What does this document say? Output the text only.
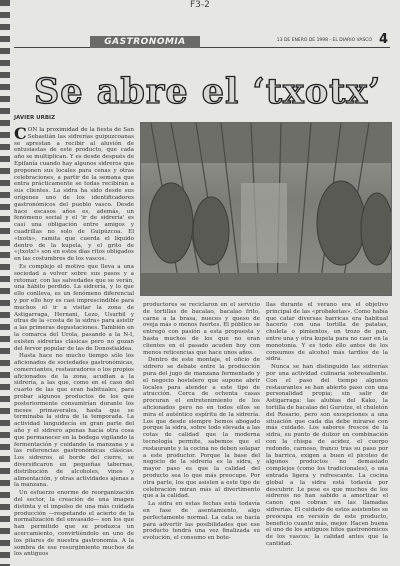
F3-2
GASTRONOMIA	13 DE ENERO DE 1998 - EL DIARIO VASCO 4
Se abre el ‘txotx’
JAVIER URBIZ

CON la proximidad de la fiesta de San Sebastián las sidrerías guipuzcoanas se aprestan a recibir al aluvión de entusiastas de este producto, que cada año se multiplican. Y es desde después de Epifanía cuando hay algunos sidreros que proponen sus locales para cenas y otras celebraciones, a partir de la semana que entra prácticamente se todas recibirán a sus clientes. La sidra ha sido desde sus orígenes uno de los identificadores gastronómicos del pueblo vasco. Desde hace escasos años es, además, un fenómeno social y el 'ir de sidrería' es casi una obligación entre amigos y cuadrillas no solo de Guipúzcoa. El «txotx», ramita que cuerda el líquido dentro de la kupela, y el grito de «¡txotx!» son en estos días ritos obligados en las costumbres de los vascos.

Es complejo el motivo que lleva a una sociedad a volver sobre sus pasos y a retomar, con las salvedades que se verán, una hábito perdido. La sidrería, y lo que ello conlleva, es un fenómeno diferencial y por ello hoy es casi imprescindible para muchos el ir a visitar la zona de Astigarraga, Hernani, Lezo, Usurbil y otras de la «costa de la sidra» para asistir a las primeras degustaciones. También en la comarca del Urola, pasando a la N-I, existen sidrerías clásicas pero no gozan del fervor popular de las de Donostialdea.

Hasta hace no mucho tiempo sólo los aficionados de sociedades gastronómicas, comerciantes, restauradores o los propios aficionados de la zona, acudían a la sidrería, a las que, como en el caso del cuarto de las que eran habituales, para probar algunos productos de los que posteriormente consumirían durante los meses primaverales, hasta que se terminaba la sidra de la temporada. La actividad languidecía en gran parte del año y el sidrero apenas hacía otra cosa que permanecer en la bodega vigilando la fermentación y cuidando la manzana y a las referencias gastronómicas clásicas. Los sidreros, al borde del cierre, se diversificaron en pequeñas tabernas, distribución de alcoholes, vinos y alimentación, y otras actividades ajenas a la manzana.

Un esfuerzo enorme de reorganización del sector, la creación de una imagen distinta y el impulso de una más cuidada producción —respetando el acierto de la normalización del envasado— son los que han permitido que se produzca un acercamiento, convirtiéndolo en uno de los pilares de nuestra gastronomía. A la sombra de ese resurgimiento muchos de los antiguos

productores se reciclaron en el servicio de tortillas de bacalao, bacalao frito, carne a la brasa, nueces y queso de oveja más o menos fuertes. El público se entregó con pasión a esta propuesta y hasta muchos de los que no eran clientes en el pasado acuden hoy con menos reticencias que hace unos años.

Dentro de este montaje, el oficio de sidrero se debate entre la producción pura del jugo de manzana fermentado y el negocio hostelero que supone abrir locales para atender a este tipo de atracción. Cerca de ochenta casas procuran el entretenimiento de los aficionados pero no en todos ellos se mira el auténtico espíritu de la sidrería. Los que desde siempre hemos abogado porque la sidra, sobre todo elevada a las cotas de calidad que la moderna tecnología permite, sabemos que el restaurante y la cocina no deben solapar a este productor. Porque la base del negocio de la sidrería es la sidra, y mayor paso es que la calidad del producto sea lo que más preocupe. Por otra parte, los que asisten a este tipo de celebración miran más al divertimento que a la calidad.

La sidra en estas fechas está todavía en fase de asentamiento, algo perfectamente normal. La cata se hacía para advertir las posibilidades que ese producto tendrá una vez finalizada su evolución, el consumo en bote-

llas durante el verano era el objetivo principal de las «probaketas». Como había que catar diversas barricas era habitual hacerlo con una tortilla de patatas, chuleta o pimientos, un trozo de pan, entre una y otra kupela para no caer en la monotonía. Y es todo ello antes de los consumos de alcohol más tardíos de la sidra.

Nunca se han distinguido las sidrerías por una actividad culinaria sobresaliente. Con el paso del tiempo algunos restaurantes se han abierto paso con una personalidad propia; sin salir de Astigarraga: las alubias del Kako, la tortilla de bacalao del Gurutze, el chuletón del Rosario, pero son excepciones a una situación que cada día debe mirarse con más cuidado. Los sabores frescos de la sidra, su punto de dulzor en combinación con la chispa de acidez, el cuerpo redondo, carnoso, franco tras su paso por la barrica, exigen a buen el picoteo de algunos productos no demasiado complejos (como los tradicionales), o una entrada ligera y refrescante. La cocina global a la sidra está todavía por descubrir. Le pese es que muchos de los sidreros no han sabido a amortizar el canon que cobran en las llamadas sidrerías. El cuidado de estos asistentes se preocupa en versión de este producto, beneficio cuanto más, mejor. Hacen buena el uno de los antiguos hitos gastronómicos de los vascos: la calidad antes que la cantidad.
